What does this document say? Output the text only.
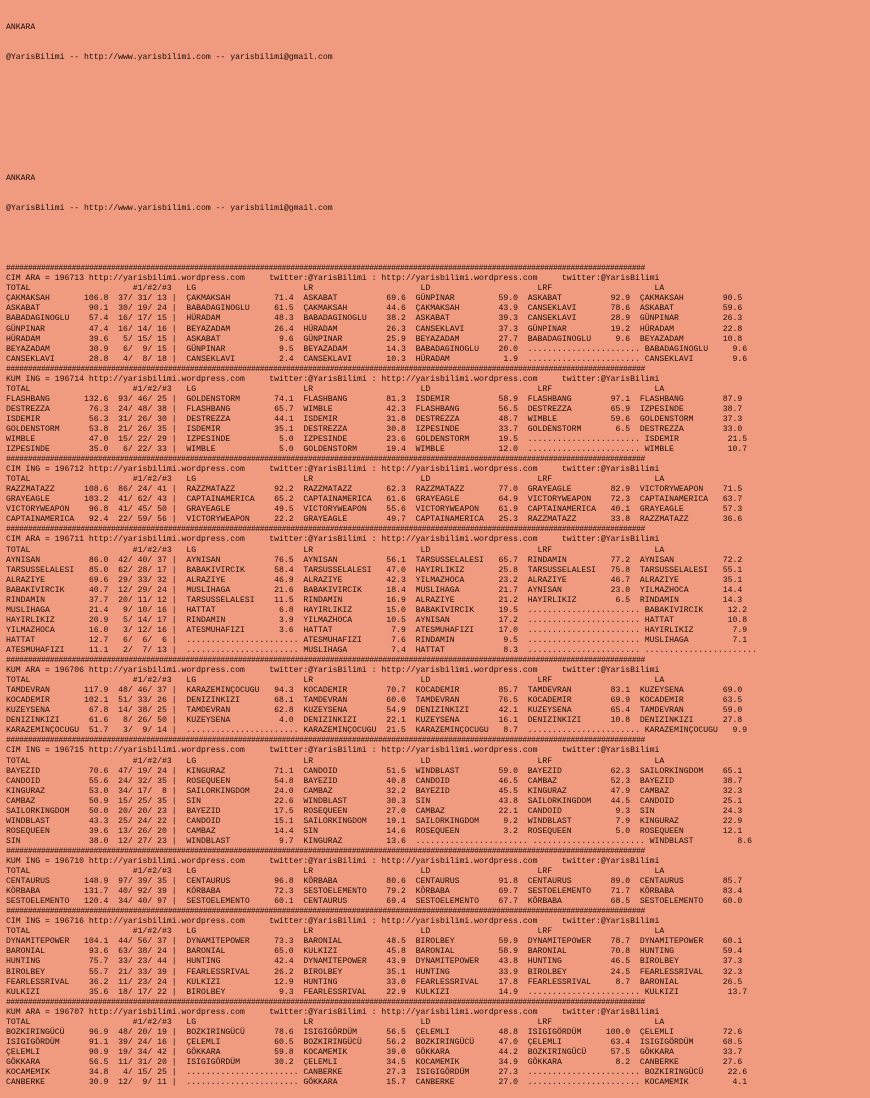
ANKARA

@YarisBilimi -- http://www.yarisbilimi.com -- yarisbilimi@gmail.com

ANKARA

@YarisBilimi -- http://www.yarisbilimi.com -- yarisbilimi@gmail.com

##################################################################################################################################################
CIM ARA = 196713 http://yarisbilimi.wordpress.com     twitter:@YarisBilimi : http://yarisbilimi.wordpress.com     twitter:@YarisBilimi
TOTAL                     #1/#2/#3   LG                      LR                      LD                      LRF                     LA
ÇAKMAKSAH       106.8  37/ 31/ 13 |  ÇAKMAKSAH         71.4  ASKABAT          69.6  GÜNPINAR         59.0  ASKABAT          92.9  ÇAKMAKSAH        90.5
ASKABAT          90.1  30/ 19/ 24 |  BABADAGINOGLU     61.5  ÇAKMAKSAH        44.6  ÇAKMAKSAH        43.9  CANSEKLAVI       78.6  ASKABAT          59.6
BABADAGINOGLU    57.4  16/ 17/ 15 |  HÜRADAM           48.3  BABADAGINOGLU    38.2  ASKABAT          39.3  CANSEKLAVI       28.9  GÜNPINAR         26.3
GÜNPINAR         47.4  16/ 14/ 16 |  BEYAZADAM         26.4  HÜRADAM          26.3  CANSEKLAVI       37.3  GÜNPINAR         19.2  HÜRADAM          22.8
HÜRADAM          39.6   5/ 15/ 15 |  ASKABAT            9.6  GÜNPINAR         25.9  BEYAZADAM        27.7  BABADAGINOGLU     9.6  BEYAZADAM        10.8
BEYAZADAM        30.9   6/  9/ 15 |  GÜNPINAR           9.5  BEYAZADAM        14.3  BABADAGINOGLU    20.0  ....................... BABADAGINOGLU     9.6
CANSEKLAVI       28.8   4/  8/ 18 |  CANSEKLAVI         2.4  CANSEKLAVI       10.3  HÜRADAM           1.9  ....................... CANSEKLAVI        9.6
##################################################################################################################################################
KUM ING = 196714 http://yarisbilimi.wordpress.com     twitter:@YarisBilimi : http://yarisbilimi.wordpress.com     twitter:@YarisBilimi
TOTAL                     #1/#2/#3   LG                      LR                      LD                      LRF                     LA
FLASHBANG       132.6  93/ 46/ 25 |  GOLDENSTORM       74.1  FLASHBANG        81.3  ISDEMIR          58.9  FLASHBANG        97.1  FLASHBANG        87.9
DESTREZZA        76.3  24/ 48/ 38 |  FLASHBANG         65.7  WIMBLE           42.3  FLASHBANG        56.5  DESTREZZA        65.9  IZPESINDE        38.7
ISDEMIR          56.3  31/ 26/ 30 |  DESTREZZA         44.1  ISDEMIR          31.8  DESTREZZA        48.7  WIMBLE           59.6  GOLDENSTORM      37.3
GOLDENSTORM      53.8  21/ 26/ 35 |  ISDEMIR           35.1  DESTREZZA        30.8  IZPESINDE        33.7  GOLDENSTORM       6.5  DESTREZZA        33.0
WIMBLE           47.0  15/ 22/ 29 |  IZPESINDE          5.0  IZPESINDE        23.6  GOLDENSTORM      19.5  ....................... ISDEMIR          21.5
IZPESINDE        35.0   6/ 22/ 33 |  WIMBLE             5.0  GOLDENSTORM      19.4  WIMBLE           12.0  ....................... WIMBLE           10.7
##################################################################################################################################################
CIM ING = 196712 http://yarisbilimi.wordpress.com     twitter:@YarisBilimi : http://yarisbilimi.wordpress.com     twitter:@YarisBilimi
TOTAL                     #1/#2/#3   LG                      LR                      LD                      LRF                     LA
RAZZMATAZZ      108.6  86/ 24/ 41 |  RAZZMATAZZ        92.2  RAZZMATAZZ       62.3  RAZZMATAZZ       77.0  GRAYEAGLE        82.9  VICTORYWEAPON    71.5
GRAYEAGLE       103.2  41/ 62/ 43 |  CAPTAINAMERICA    65.2  CAPTAINAMERICA   61.6  GRAYEAGLE        64.9  VICTORYWEAPON    72.3  CAPTAINAMERICA   63.7
VICTORYWEAPON    96.8  41/ 45/ 50 |  GRAYEAGLE         49.5  VICTORYWEAPON    55.6  VICTORYWEAPON    61.9  CAPTAINAMERICA   40.1  GRAYEAGLE        57.3
CAPTAINAMERICA   92.4  22/ 59/ 56 |  VICTORYWEAPON     22.2  GRAYEAGLE        49.7  CAPTAINAMERICA   25.3  RAZZMATAZZ       33.8  RAZZMATAZZ       36.6
##################################################################################################################################################
CIM ARA = 196711 http://yarisbilimi.wordpress.com     twitter:@YarisBilimi : http://yarisbilimi.wordpress.com     twitter:@YarisBilimi
TOTAL                     #1/#2/#3   LG                      LR                      LD                      LRF                     LA
AYNISAN          86.0  42/ 40/ 37 |  AYNISAN           76.5  AYNISAN          56.1  TARSUSSELALESI   65.7  RINDAMIN         77.2  AYNISAN          72.2
TARSUSSELALESI   85.0  62/ 28/ 17 |  BABAKIVIRCIK      58.4  TARSUSSELALESI   47.0  HAYIRLIKIZ       25.8  TARSUSSELALESI   75.8  TARSUSSELALESI   55.1
ALRAZIYE         69.6  29/ 33/ 32 |  ALRAZIYE          46.9  ALRAZIYE         42.3  YILMAZHOCA       23.2  ALRAZIYE         46.7  ALRAZIYE         35.1
BABAKIVIRCIK     40.7  12/ 29/ 24 |  MUSLIHAGA         21.6  BABAKIVIRCIK     18.4  MUSLIHAGA        21.7  AYNISAN          23.0  YILMAZHOCA       14.4
RINDAMIN         37.7  20/ 11/ 12 |  TARSUSSELALESI    11.5  RINDAMIN         16.9  ALRAZIYE         21.2  HAYIRLIKIZ        6.5  RINDAMIN         14.3
MUSLIHAGA        21.4   9/ 10/ 16 |  HATTAT             6.8  HAYIRLIKIZ       15.0  BABAKIVIRCIK     19.5  ....................... BABAKIVIRCIK     12.2
HAYIRLIKIZ       20.9   5/ 14/ 17 |  RINDAMIN           3.9  YILMAZHOCA       10.5  AYNISAN          17.2  ....................... HATTAT           10.8
YILMAZHOCA       16.0   3/ 12/ 16 |  ATESMUHAFIZI       3.6  HATTAT            7.9  ATESMUHAFIZI     17.0  ....................... HAYIRLIKIZ        7.9
HATTAT           12.7   6/  6/  6 |  ....................... ATESMUHAFIZI      7.6  RINDAMIN          9.5  ....................... MUSLIHAGA         7.1
ATESMUHAFIZI     11.1   2/  7/ 13 |  ....................... MUSLIHAGA         7.4  HATTAT            8.3  ....................... .......................
##################################################################################################################################################
KUM ARA = 196706 http://yarisbilimi.wordpress.com     twitter:@YarisBilimi : http://yarisbilimi.wordpress.com     twitter:@YarisBilimi
TOTAL                     #1/#2/#3   LG                      LR                      LD                      LRF                     LA
TAMDEVRAN       117.9  48/ 46/ 37 |  KARAZEMINÇOCUGU   94.3  KOCADEMIR        70.7  KOCADEMIR        85.7  TAMDEVRAN        83.1  KUZEYSENA        69.0
KOCADEMIR       102.1  51/ 33/ 26 |  DENIZINKIZI       68.1  TAMDEVRAN        60.0  TAMDEVRAN        76.5  KOCADEMIR        69.9  KOCADEMIR        63.5
KUZEYSENA        67.8  14/ 38/ 25 |  TAMDEVRAN         62.8  KUZEYSENA        54.9  DENIZINKIZI      42.1  KUZEYSENA        65.4  TAMDEVRAN        59.0
DENIZINKIZI      61.6   8/ 26/ 50 |  KUZEYSENA          4.0  DENIZINKIZI      22.1  KUZEYSENA        16.1  DENIZINKIZI      10.8  DENIZINKIZI      27.8
KARAZEMINÇOCUGU  51.7   3/  9/ 14 |  ....................... KARAZEMINÇOCUGU  21.5  KARAZEMINÇOCUGU   8.7  ....................... KARAZEMINÇOCUGU   9.9
##################################################################################################################################################
CIM ING = 196715 http://yarisbilimi.wordpress.com     twitter:@YarisBilimi : http://yarisbilimi.wordpress.com     twitter:@YarisBilimi
TOTAL                     #1/#2/#3   LG                      LR                      LD                      LRF                     LA
BAYEZID          70.6  47/ 19/ 24 |  KINGURAZ          71.1  CANDOID          51.5  WINDBLAST        59.0  BAYEZID          62.3  SAILORKINGDOM    65.1
CANDOID          55.6  24/ 32/ 35 |  ROSEQUEEN         54.8  BAYEZID          40.8  CANDOID          46.5  CAMBAZ           52.3  BAYEZID          38.7
KINGURAZ         53.0  34/ 17/  8 |  SAILORKINGDOM     24.0  CAMBAZ           32.2  BAYEZID          45.5  KINGURAZ         47.9  CAMBAZ           32.3
CAMBAZ           50.9  15/ 25/ 35 |  SIN               22.6  WINDBLAST        30.3  SIN              43.8  SAILORKINGDOM    44.5  CANDOID          25.1
SAILORKINGDOM    50.0  20/ 20/ 23 |  BAYEZID           17.5  ROSEQUEEN        27.0  CAMBAZ           22.1  CANDOID           9.3  SIN              24.3
WINDBLAST        43.3  25/ 24/ 22 |  CANDOID           15.1  SAILORKINGDOM    19.1  SAILORKINGDOM     9.2  WINDBLAST         7.9  KINGURAZ         22.9
ROSEQUEEN        39.6  13/ 26/ 20 |  CAMBAZ            14.4  SIN              14.6  ROSEQUEEN         3.2  ROSEQUEEN         5.0  ROSEQUEEN        12.1
SIN              38.0  12/ 27/ 23 |  WINDBLAST          9.7  KINGURAZ         13.6  ....................... ....................... WINDBLAST         8.6
##################################################################################################################################################
KUM ING = 196710 http://yarisbilimi.wordpress.com     twitter:@YarisBilimi : http://yarisbilimi.wordpress.com     twitter:@YarisBilimi
TOTAL                     #1/#2/#3   LG                      LR                      LD                      LRF                     LA
CENTAURUS       148.9  97/ 39/ 35 |  CENTAURUS         96.8  KÖRBABA          80.6  CENTAURUS        91.8  CENTAURUS        89.0  CENTAURUS        85.7
KÖRBABA         131.7  40/ 92/ 39 |  KÖRBABA           72.3  SESTOELEMENTO    79.2  KÖRBABA          69.7  SESTOELEMENTO    71.7  KÖRBABA          83.4
SESTOELEMENTO   120.4  34/ 40/ 97 |  SESTOELEMENTO     60.1  CENTAURUS        69.4  SESTOELEMENTO    67.7  KÖRBABA          68.5  SESTOELEMENTO    60.0
##################################################################################################################################################
CIM ING = 196716 http://yarisbilimi.wordpress.com     twitter:@YarisBilimi : http://yarisbilimi.wordpress.com     twitter:@YarisBilimi
TOTAL                     #1/#2/#3   LG                      LR                      LD                      LRF                     LA
DYNAMITEPOWER   104.1  44/ 56/ 37 |  DYNAMITEPOWER     73.3  BARONIAL         48.5  BIROLBEY         59.9  DYNAMITEPOWER    78.7  DYNAMITEPOWER    60.1
BARONIAL         93.6  63/ 38/ 24 |  BARONIAL          65.0  KULKIZI          45.8  BARONIAL         58.9  BARONIAL         70.8  HUNTING          59.4
HUNTING          75.7  33/ 23/ 44 |  HUNTING           42.4  DYNAMITEPOWER    43.9  DYNAMITEPOWER    43.8  HUNTING          46.5  BIROLBEY         37.3
BIROLBEY         55.7  21/ 33/ 39 |  FEARLESSRIVAL     26.2  BIROLBEY         35.1  HUNTING          33.9  BIROLBEY         24.5  FEARLESSRIVAL    32.3
FEARLESSRIVAL    36.2  11/ 23/ 24 |  KULKIZI           12.9  HUNTING          33.0  FEARLESSRIVAL    17.8  FEARLESSRIVAL     8.7  BARONIAL         26.5
KULKIZI          35.6  18/ 17/ 22 |  BIROLBEY           9.3  FEARLESSRIVAL    22.9  KULKIZI          14.9  ....................... KULKIZI          13.7
##################################################################################################################################################
KUM ARA = 196707 http://yarisbilimi.wordpress.com     twitter:@YarisBilimi : http://yarisbilimi.wordpress.com     twitter:@YarisBilimi
TOTAL                     #1/#2/#3   LG                      LR                      LD                      LRF                     LA
BOZKIRINGÜCÜ     96.9  48/ 20/ 19 |  BOZKIRINGÜCÜ      78.6  ISIGIGÖRDÜM      56.5  ÇELEMLI          48.8  ISIGIGÖRDÜM     100.0  ÇELEMLI          72.6
ISIGIGÖRDÜM      91.1  39/ 24/ 16 |  ÇELEMLI           60.5  BOZKIRINGÜCÜ     56.2  BOZKIRINGÜCÜ     47.0  ÇELEMLI          63.4  ISIGIGÖRDÜM      68.5
ÇELEMLI          90.9  19/ 34/ 42 |  GÖKKARA           59.8  KOCAMEMIK        39.0  GÖKKARA          44.2  BOZKIRINGÜCÜ     57.5  GÖKKARA          33.7
GÖKKARA          56.5  11/ 31/ 20 |  ISIGIGÖRDÜM       30.2  ÇELEMLI          34.5  KOCAMEMIK        34.9  GÖKKARA           8.2  CANBERKE         27.6
KOCAMEMIK        34.8   4/ 15/ 25 |  ....................... CANBERKE         27.3  ISIGIGÖRDÜM      27.3  ....................... BOZKIRINGÜCÜ     22.6
CANBERKE         30.9  12/  9/ 11 |  ....................... GÖKKARA          15.7  CANBERKE         27.0  ....................... KOCAMEMIK         4.1
